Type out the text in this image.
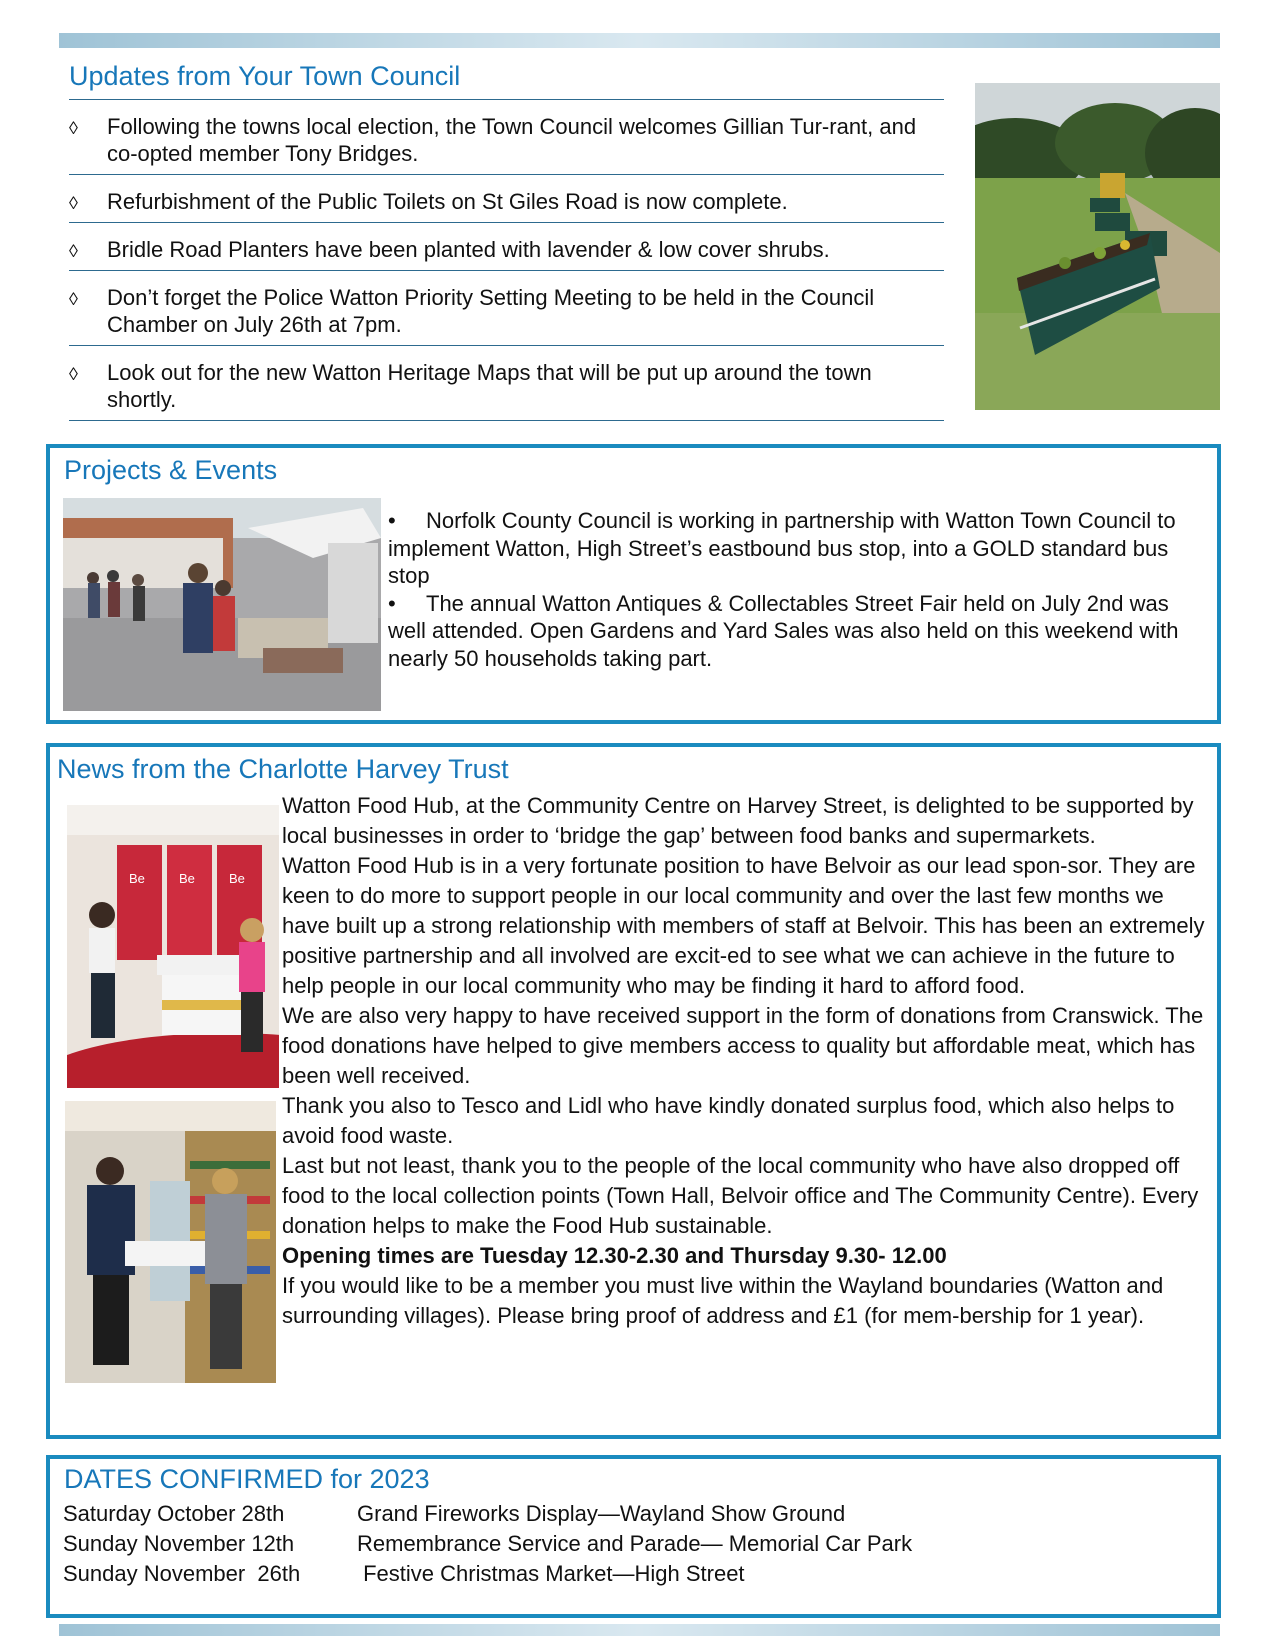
Updates from Your Town Council
◊ Following the towns local election, the Town Council welcomes Gillian Tur-rant, and co-opted member Tony Bridges.
◊ Refurbishment of the Public Toilets on St Giles Road is now complete.
◊ Bridle Road Planters have been planted with lavender & low cover shrubs.
◊ Don’t forget the Police Watton Priority Setting Meeting to be held in the Council Chamber on July 26th at 7pm.
◊ Look out for the new Watton Heritage Maps that will be put up around the town shortly.
Projects & Events
• Norfolk County Council is working in partnership with Watton Town Council to implement Watton, High Street’s eastbound bus stop, into a GOLD standard bus stop
• The annual Watton Antiques & Collectables Street Fair held on July 2nd was well attended. Open Gardens and Yard Sales was also held on this weekend with nearly 50 households taking part.
News from the Charlotte Harvey Trust
Be	Be	Be

Watton Food Hub, at the Community Centre on Harvey Street, is delighted to be supported by local businesses in order to ‘bridge the gap’ between food banks and supermarkets.

Watton Food Hub is in a very fortunate position to have Belvoir as our lead spon-sor. They are keen to do more to support people in our local community and over the last few months we have built up a strong relationship with members of staff at Belvoir. This has been an extremely positive partnership and all involved are excit-ed to see what we can achieve in the future to help people in our local community who may be finding it hard to afford food.

We are also very happy to have received support in the form of donations from Cranswick. The food donations have helped to give members access to quality but affordable meat, which has been well received.

Thank you also to Tesco and Lidl who have kindly donated surplus food, which also helps to avoid food waste.

Last but not least, thank you to the people of the local community who have also dropped off food to the local collection points (Town Hall, Belvoir office and The Community Centre). Every donation helps to make the Food Hub sustainable.

Opening times are Tuesday 12.30-2.30 and Thursday 9.30- 12.00

If you would like to be a member you must live within the Wayland boundaries (Watton and surrounding villages). Please bring proof of address and £1 (for mem-bership for 1 year).

DATES CONFIRMED for 2023
Saturday October 28th	Grand Fireworks Display—Wayland Show Ground
Sunday November 12th	Remembrance Service and Parade— Memorial Car Park
Sunday November  26th	Festive Christmas Market—High Street
